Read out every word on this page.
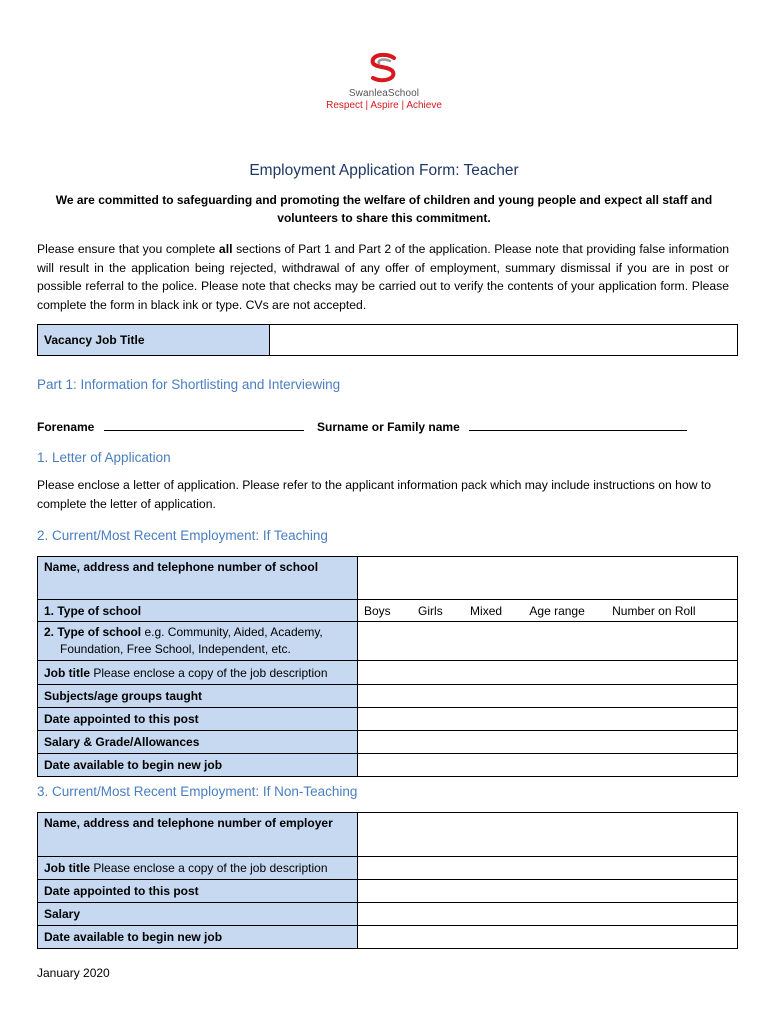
SwanleaSchool
Respect | Aspire | Achieve
Employment Application Form: Teacher
We are committed to safeguarding and promoting the welfare of children and young people and expect all staff and volunteers to share this commitment.
Please ensure that you complete all sections of Part 1 and Part 2 of the application. Please note that providing false information will result in the application being rejected, withdrawal of any offer of employment, summary dismissal if you are in post or possible referral to the police. Please note that checks may be carried out to verify the contents of your application form. Please complete the form in black ink or type. CVs are not accepted.
Vacancy Job Title	
Part 1: Information for Shortlisting and Interviewing
Forename	Surname or Family name
1. Letter of Application
Please enclose a letter of application. Please refer to the applicant information pack which may include instructions on how to complete the letter of application.
2. Current/Most Recent Employment: If Teaching
Name, address and telephone number of school	
1. Type of school	Boys Girls Mixed Age range Number on Roll
2. Type of school e.g. Community, Aided, Academy,
Foundation, Free School, Independent, etc.	
Job title Please enclose a copy of the job description	
Subjects/age groups taught	
Date appointed to this post	
Salary & Grade/Allowances	
Date available to begin new job	
3. Current/Most Recent Employment: If Non-Teaching
Name, address and telephone number of employer	
Job title Please enclose a copy of the job description	
Date appointed to this post	
Salary	
Date available to begin new job	
January 2020
